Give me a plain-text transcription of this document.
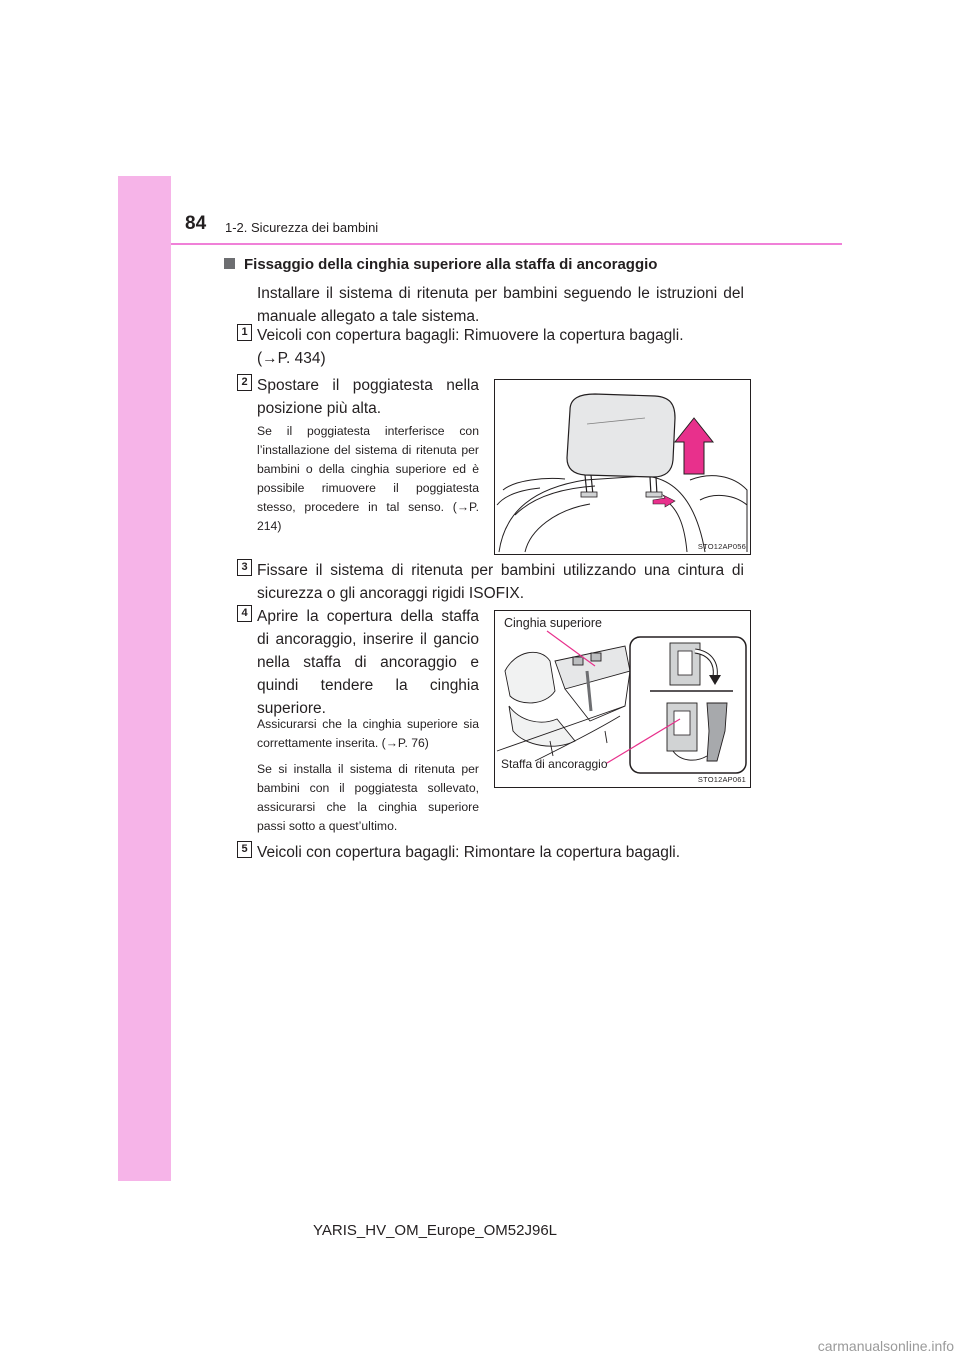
84 1-2. Sicurezza dei bambini
Fissaggio della cinghia superiore alla staffa di ancoraggio
Installare il sistema di ritenuta per bambini seguendo le istruzioni del manuale allegato a tale sistema.
1 Veicoli con copertura bagagli: Rimuovere la copertura bagagli.
(→P. 434)
2 Spostare il poggiatesta nella posizione più alta.
Se il poggiatesta interferisce con l’installazione del sistema di ritenuta per bambini o della cinghia superiore ed è possibile rimuovere il poggiatesta stesso, procedere in tal senso. (→P. 214)
STO12AP056
3 Fissare il sistema di ritenuta per bambini utilizzando una cintura di sicurezza o gli ancoraggi rigidi ISOFIX.
4 Aprire la copertura della staffa di ancoraggio, inserire il gancio nella staffa di ancoraggio e quindi tendere la cinghia superiore.
Assicurarsi che la cinghia superiore sia correttamente inserita. (→P. 76)
Se si installa il sistema di ritenuta per bambini con il poggiatesta sollevato, assicurarsi che la cinghia superiore passi sotto a quest’ultimo.
Cinghia superiore
Staffa di ancoraggio
STO12AP061
5 Veicoli con copertura bagagli: Rimontare la copertura bagagli.
YARIS_HV_OM_Europe_OM52J96L
carmanualsonline.info
